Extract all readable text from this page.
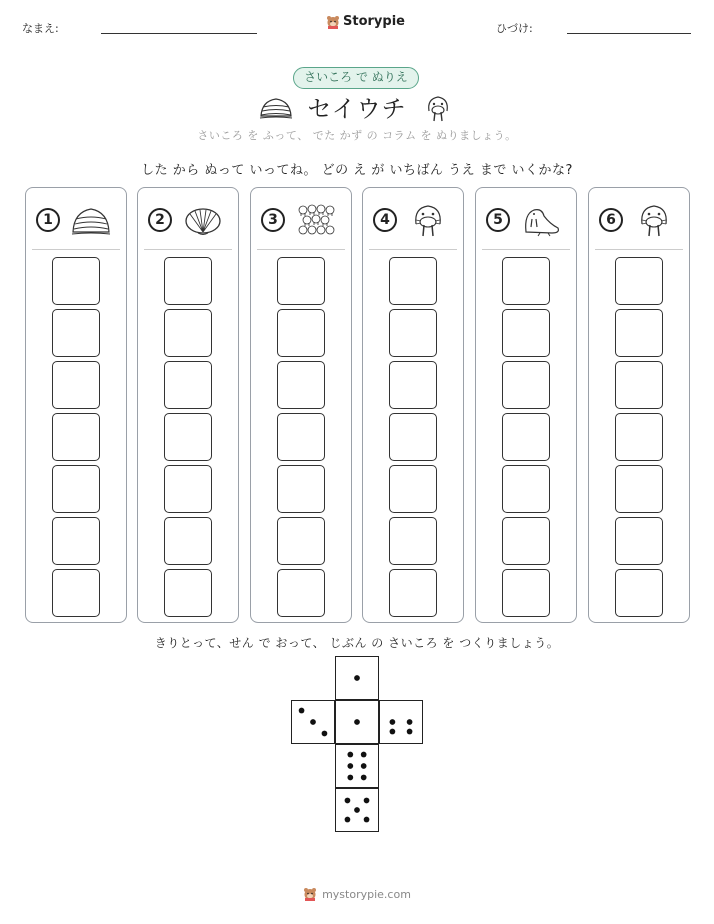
なまえ:	Storypie	ひづけ:
さいころ で ぬりえ
セイウチ
さいころ を ふって、 でた かず の コラム を ぬりましょう。
した から ぬって いってね。 どの え が いちばん うえ まで いくかな?
1	2	3	4	5	6
きりとって、せん で おって、 じぶん の さいころ を つくりましょう。
mystorypie.com
